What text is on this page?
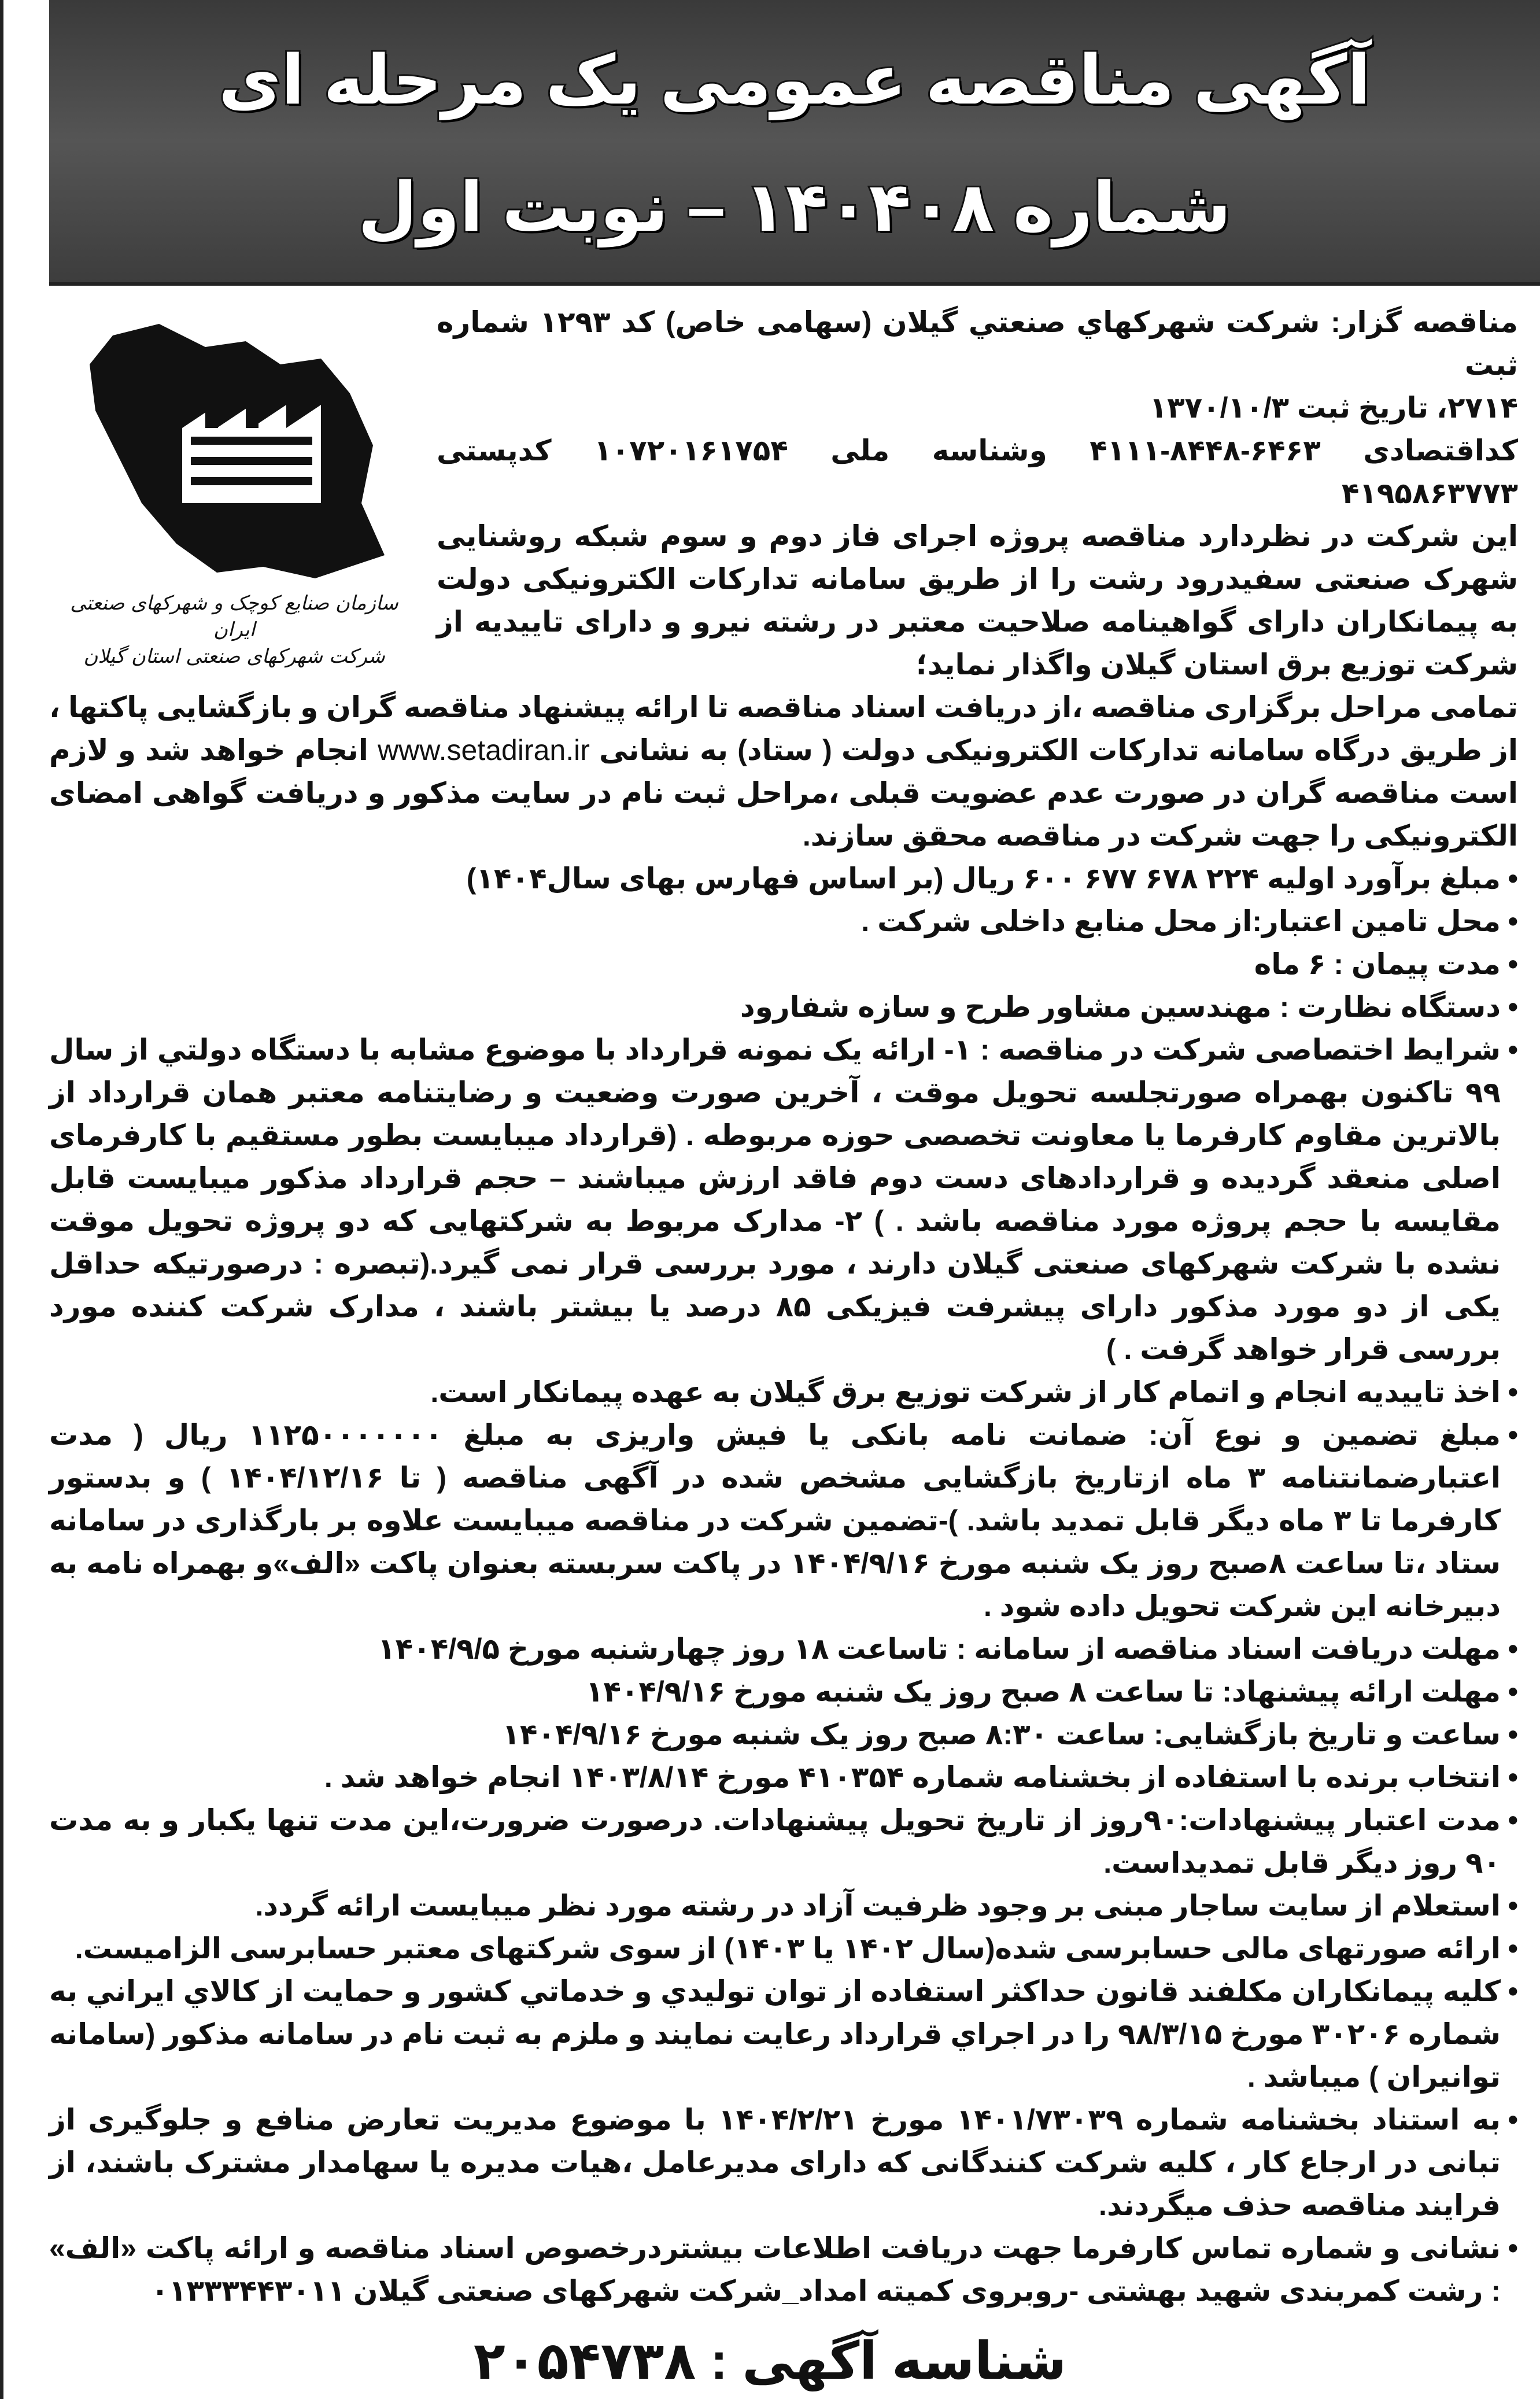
آگهی مناقصه عمومی یک مرحله ای
شماره ۱۴۰۴۰۸ – نوبت اول
سازمان صنایع کوچک و شهرکهای صنعتی ایران
شرکت شهرکهای صنعتی استان گیلان

مناقصه گزار: شرکت شهرکهاي صنعتي گيلان (سهامی خاص) کد ۱۲۹۳ شماره ثبت

۲۷۱۴، تاریخ ثبت ۱۳۷۰/۱۰/۳

کداقتصادی ۶۴۶۳-۸۴۴۸-۴۱۱۱ وشناسه ملی ۱۰۷۲۰۱۶۱۷۵۴ کدپستی ۴۱۹۵۸۶۳۷۷۳

این شرکت در نظردارد مناقصه پروژه اجرای فاز دوم و سوم شبکه روشنایی شهرک صنعتی سفیدرود رشت را از طریق سامانه تدارکات الکترونیکی دولت به پیمانکاران دارای گواهینامه صلاحیت معتبر در رشته نیرو و دارای تاییدیه از شرکت توزیع برق استان گیلان واگذار نماید؛

تمامی مراحل برگزاری مناقصه ،از دریافت اسناد مناقصه تا ارائه پیشنهاد مناقصه گران و بازگشایی پاکتها ، از طریق درگاه سامانه تدارکات الکترونیکی دولت ( ستاد) به نشانی www.setadiran.ir انجام خواهد شد و لازم است مناقصه گران در صورت عدم عضویت قبلی ،مراحل ثبت نام در سایت مذکور و دریافت گواهی امضای الکترونیکی را جهت شرکت در مناقصه محقق سازند.

• مبلغ برآورد اولیه ۲۲۴ ۶۷۸ ۶۷۷ ۶۰۰ ریال (بر اساس فهارس بهای سال۱۴۰۴)
• محل تامین اعتبار:از محل منابع داخلی شرکت .
• مدت پیمان : ۶ ماه
• دستگاه نظارت : مهندسین مشاور طرح و سازه شفارود
• شرایط اختصاصی شرکت در مناقصه : ۱- ارائه یک نمونه قرارداد با موضوع مشابه با دستگاه دولتي از سال ۹۹ تاکنون بهمراه صورتجلسه تحویل موقت ، آخرین صورت وضعیت و رضایتنامه معتبر همان قرارداد از بالاترین مقاوم کارفرما یا معاونت تخصصی حوزه مربوطه . (قرارداد میبایست بطور مستقیم با کارفرمای اصلی منعقد گردیده و قراردادهای دست دوم فاقد ارزش میباشند – حجم قرارداد مذکور میبایست قابل مقایسه با حجم پروژه مورد مناقصه باشد . ) ۲- مدارک مربوط به شرکتهایی که دو پروژه تحویل موقت نشده با شرکت شهرکهای صنعتی گیلان دارند ، مورد بررسی قرار نمی گیرد.(تبصره : درصورتیکه حداقل یکی از دو مورد مذکور دارای پیشرفت فیزیکی ۸۵ درصد یا بیشتر باشند ، مدارک شرکت کننده مورد بررسی قرار خواهد گرفت . )
• اخذ تاییدیه انجام و اتمام کار از شرکت توزیع برق گیلان به عهده پیمانکار است.
• مبلغ تضمین و نوع آن: ضمانت نامه بانکی یا فیش واریزی به مبلغ ۱۱۲۵۰۰۰۰۰۰۰ ریال ( مدت اعتبارضمانتنامه ۳ ماه ازتاریخ بازگشایی مشخص شده در آگهی مناقصه ( تا ۱۴۰۴/۱۲/۱۶ ) و بدستور کارفرما تا ۳ ماه دیگر قابل تمدید باشد. )-تضمین شرکت در مناقصه میبایست علاوه بر بارگذاری در سامانه ستاد ،تا ساعت ۸صبح روز یک شنبه مورخ ۱۴۰۴/۹/۱۶ در پاکت سربسته بعنوان پاکت «الف»و بهمراه نامه به دبیرخانه این شرکت تحویل داده شود .
• مهلت دریافت اسناد مناقصه از سامانه : تاساعت ۱۸ روز چهارشنبه مورخ ۱۴۰۴/۹/۵
• مهلت ارائه پیشنهاد: تا ساعت ۸ صبح روز یک شنبه مورخ ۱۴۰۴/۹/۱۶
• ساعت و تاریخ بازگشایی: ساعت ۸:۳۰ صبح روز یک شنبه مورخ ۱۴۰۴/۹/۱۶
• انتخاب برنده با استفاده از بخشنامه شماره ۴۱۰۳۵۴ مورخ ۱۴۰۳/۸/۱۴ انجام خواهد شد .
• مدت اعتبار پیشنهادات:۹۰روز از تاریخ تحویل پیشنهادات. درصورت ضرورت،این مدت تنها یکبار و به مدت ۹۰ روز دیگر قابل تمدیداست.
• استعلام از سایت ساجار مبنی بر وجود ظرفیت آزاد در رشته مورد نظر میبایست ارائه گردد.
• ارائه صورتهای مالی حسابرسی شده(سال ۱۴۰۲ یا ۱۴۰۳) از سوی شرکتهای معتبر حسابرسی الزامیست.
• كليه پيمانكاران مكلفند قانون حداكثر استفاده از توان توليدي و خدماتي كشور و حمايت از كالاي ايراني به شماره ۳۰۲۰۶ مورخ ۹۸/۳/۱۵ را در اجراي قرارداد رعايت نمايند و ملزم به ثبت نام در سامانه مذکور (سامانه توانیران ) میباشد .
• به استناد بخشنامه شماره ۱۴۰۱/۷۳۰۳۹ مورخ ۱۴۰۴/۲/۲۱ با موضوع مدیریت تعارض منافع و جلوگیری از تبانی در ارجاع کار ، کلیه شرکت کنندگانی که دارای مدیرعامل ،هیات مدیره یا سهامدار مشترک باشند، از فرایند مناقصه حذف میگردند.
• نشانی و شماره تماس کارفرما جهت دریافت اطلاعات بیشتردرخصوص اسناد مناقصه و ارائه پاکت «الف» : رشت کمربندی شهید بهشتی -روبروی کمیته امداد_شرکت شهرکهای صنعتی گیلان ۰۱۳۳۳۴۴۳۰۱۱
شناسه آگهی : ۲۰۵۴۷۳۸
